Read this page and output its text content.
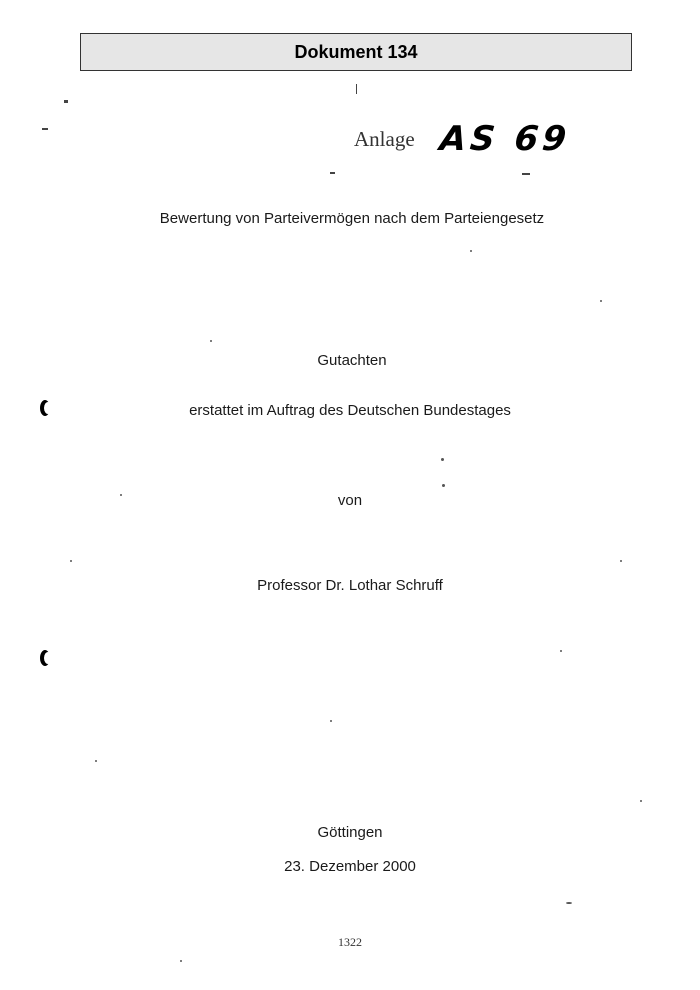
Dokument 134
Anlage AS 69
Bewertung von Parteivermögen nach dem Parteiengesetz
Gutachten
erstattet im Auftrag des Deutschen Bundestages
von
Professor Dr. Lothar Schruff
Göttingen
23. Dezember 2000
1322
